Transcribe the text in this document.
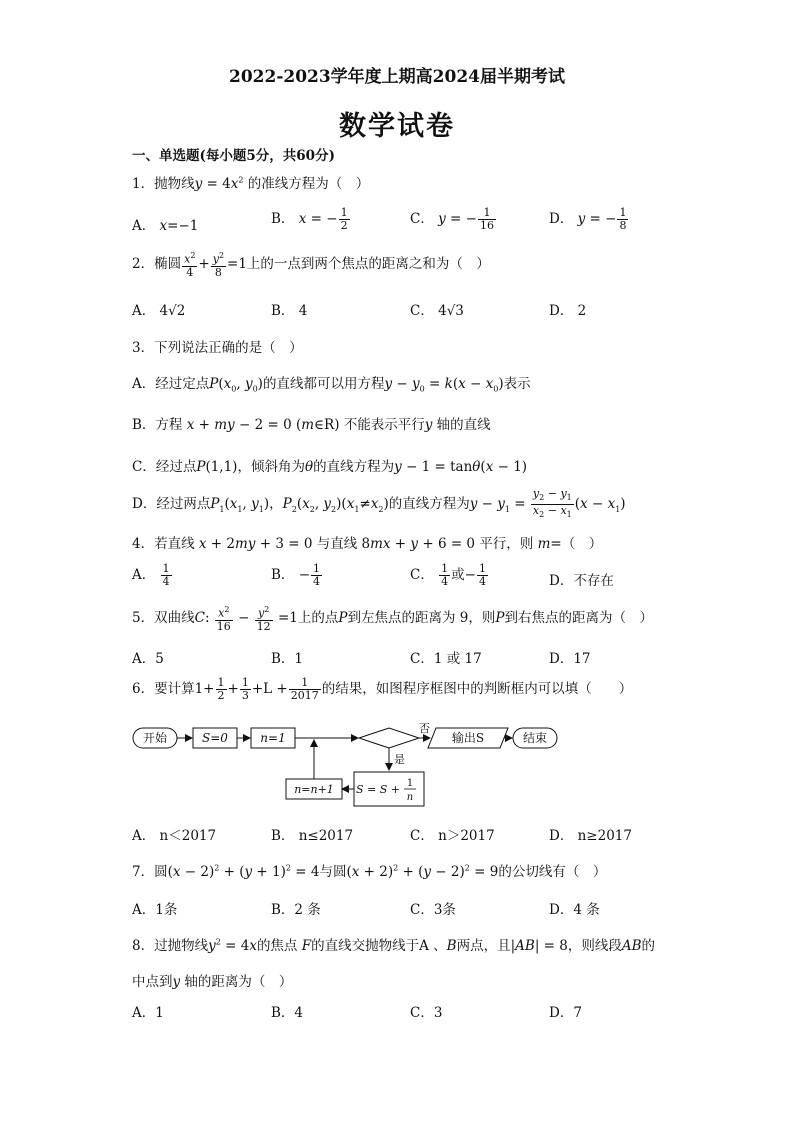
2022-2023学年度上期高2024届半期考试
数学试卷
一、单选题(每小题5分，共60分)
1．抛物线$y = 4x^2$ 的准线方程为（　）
A． x=−1	B． x = − $\frac{1}{2}$	C． y = − $\frac{1}{16}$	D． y = − $\frac{1}{8}$
2．椭圆 $\frac{x^2}{4} + \frac{y^2}{8} =1$上的一点到两个焦点的距离之和为（　）
A． 4√2	B． 4	C． 4√3	D． 2
3．下列说法正确的是（　）
A．经过定点$P(x_0$, $y_0$)的直线都可以用方程$y - y_0 = k(x - x_0)$表示
B．方程 x + my − 2 = 0 (m∈R) 不能表示平行y 轴的直线
C．经过点P(1,1)，倾斜角为θ的直线方程为y − 1 = tanθ(x − 1)
D．经过两点$P_1(x_1$, $y_1$)，$P_2(x_2$, $y_2)(x_1\ne x_2)$的直线方程为$y - y_1 = \frac{y_2 - y_1}{x_2 - x_1} (x - x_1)$
4．若直线 x + 2my + 3 = 0 与直线 8mx + y + 6 = 0 平行，则 m=（　）
A． $\frac{1}{4}$	B． − $\frac{1}{4}$	C． $\frac{1}{4}$ 或− $\frac{1}{4}$	D．不存在
5．双曲线C: $\frac{x^2}{16} - \frac{y^2}{12} =1$上的点P到左焦点的距离为 9，则P到右焦点的距离为（　）
A．5	B．1	C．1 或 17	D．17
6．要计算$1+ \frac{1}{2} + \frac{1}{3} +L + \frac{1}{2017}$ 的结果，如图程序框图中的判断框内可以填（　　）
开始	S=0	n=1
否
输出S	结束
是
n=n+1 S = S + 1
n
A． n＜2017	B． n≤2017	C． n＞2017	D． n≥2017
7．圆$(x - 2)^2 + (y + 1)^2 = 4$与圆$(x + 2)^2 + (y - 2)^2 = 9$的公切线有（　）
A．1条	B．2 条	C．3条	D．4 条
8．过抛物线$y^2 = 4x$的焦点 F的直线交抛物线于A 、B两点，且|AB| = 8，则线段AB的
中点到y 轴的距离为（　）
A．1	B．4	C．3	D．7
